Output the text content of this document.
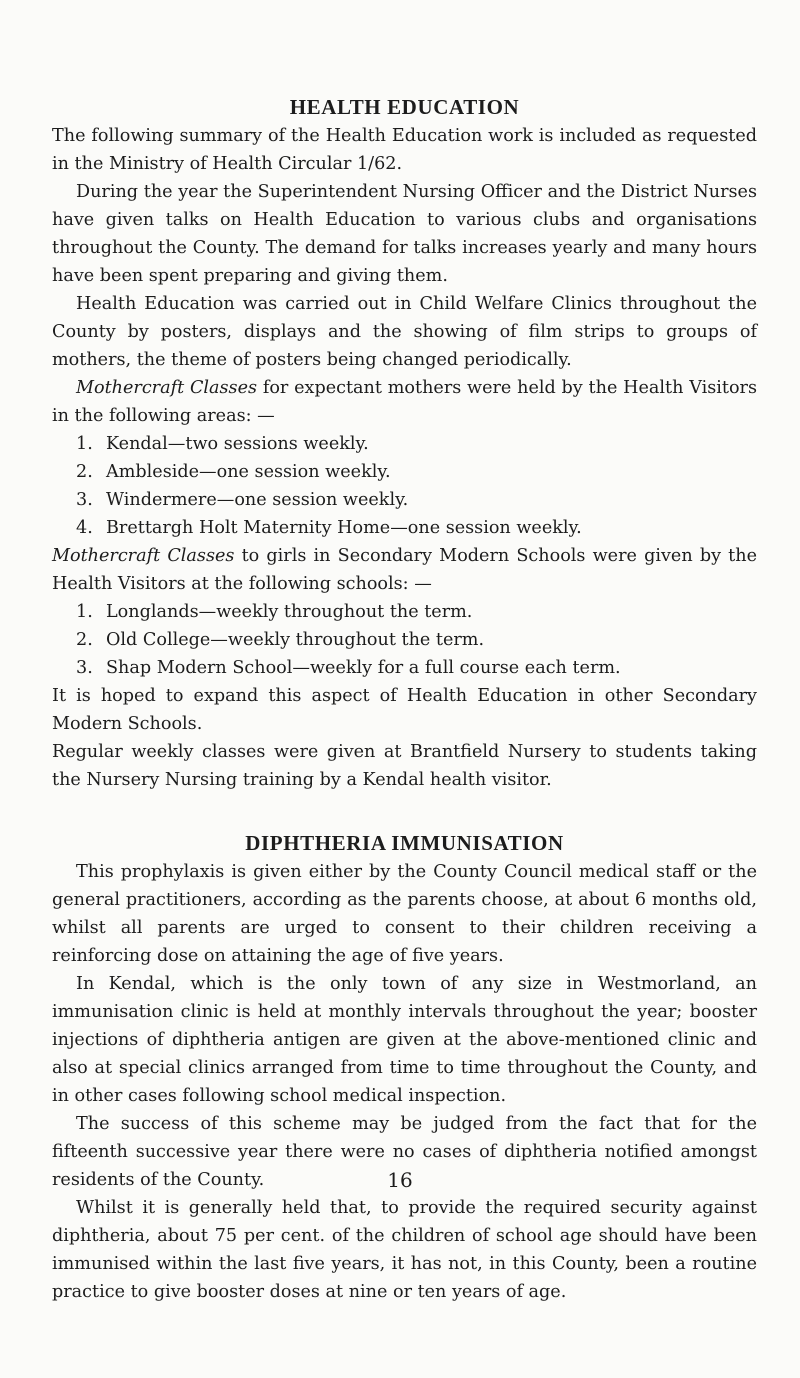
HEALTH EDUCATION

The following summary of the Health Education work is included as requested in the Ministry of Health Circular 1/62.

During the year the Superintendent Nursing Officer and the District Nurses have given talks on Health Education to various clubs and organisations throughout the County. The demand for talks increases yearly and many hours have been spent preparing and giving them.

Health Education was carried out in Child Welfare Clinics throughout the County by posters, displays and the showing of film strips to groups of mothers, the theme of posters being changed periodically.

Mothercraft Classes for expectant mothers were held by the Health Visitors in the following areas: —

1. Kendal—two sessions weekly.
2. Ambleside—one session weekly.
3. Windermere—one session weekly.
4. Brettargh Holt Maternity Home—one session weekly.

Mothercraft Classes to girls in Secondary Modern Schools were given by the Health Visitors at the following schools: —

1. Longlands—weekly throughout the term.
2. Old College—weekly throughout the term.
3. Shap Modern School—weekly for a full course each term.

It is hoped to expand this aspect of Health Education in other Secondary Modern Schools.

Regular weekly classes were given at Brantfield Nursery to students taking the Nursery Nursing training by a Kendal health visitor.

DIPHTHERIA IMMUNISATION

This prophylaxis is given either by the County Council medical staff or the general practitioners, according as the parents choose, at about 6 months old, whilst all parents are urged to consent to their children receiving a reinforcing dose on attaining the age of five years.

In Kendal, which is the only town of any size in Westmorland, an immunisation clinic is held at monthly intervals throughout the year; booster injections of diphtheria antigen are given at the above-mentioned clinic and also at special clinics arranged from time to time throughout the County, and in other cases following school medical inspection.

The success of this scheme may be judged from the fact that for the fifteenth successive year there were no cases of diphtheria notified amongst residents of the County.

Whilst it is generally held that, to provide the required security against diphtheria, about 75 per cent. of the children of school age should have been immunised within the last five years, it has not, in this County, been a routine practice to give booster doses at nine or ten years of age.

16
